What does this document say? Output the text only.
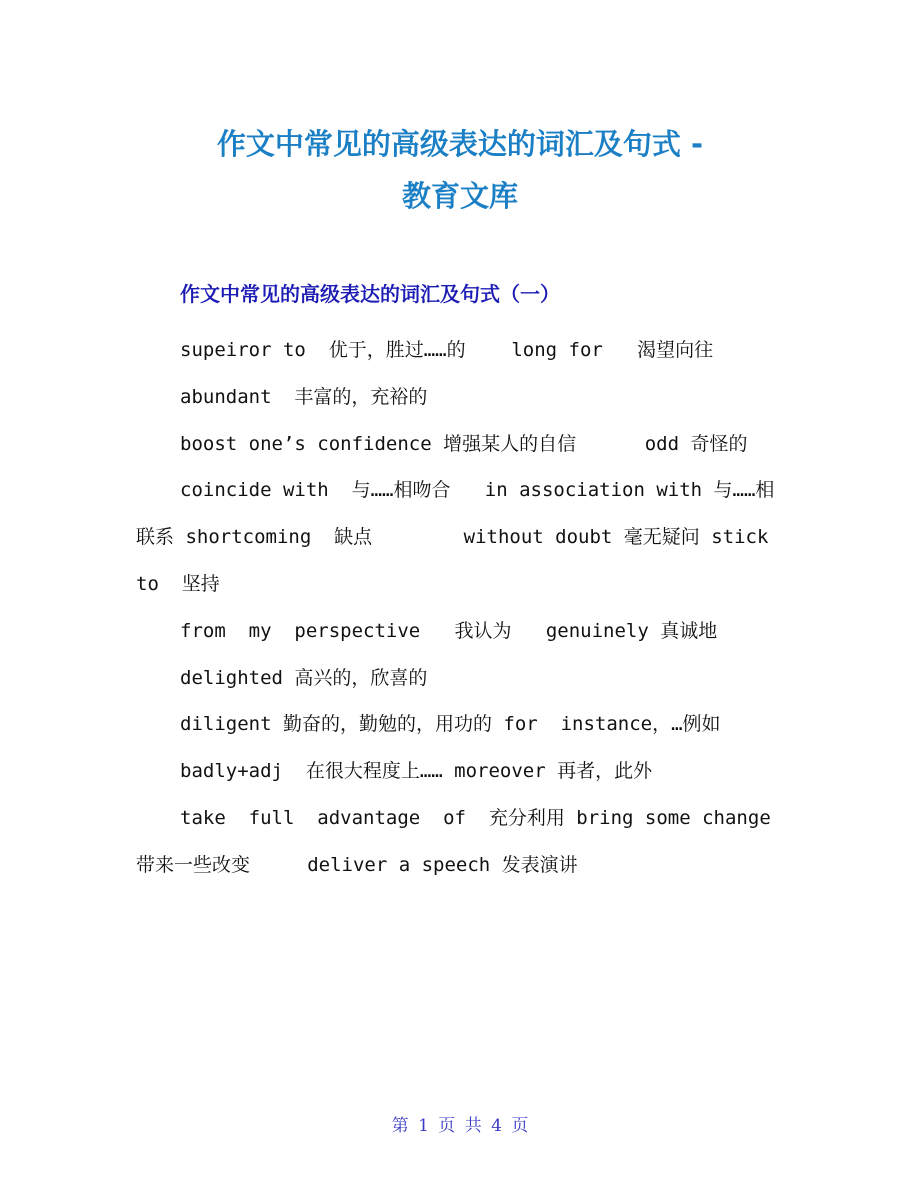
作文中常见的高级表达的词汇及句式 -
教育文库
作文中常见的高级表达的词汇及句式（一）

supeiror to  优于，胜过……的    long for   渴望向往

abundant  丰富的，充裕的

boost one’s confidence 增强某人的自信      odd 奇怪的

coincide with  与……相吻合   in association with 与……相联系 shortcoming  缺点        without doubt 毫无疑问 stick  to  坚持

from  my  perspective   我认为   genuinely 真诚地

delighted 高兴的，欣喜的

diligent 勤奋的，勤勉的，用功的 for  instance，…例如

badly+adj  在很大程度上…… moreover 再者，此外

take  full  advantage  of  充分利用 bring some change 带来一些改变     deliver a speech 发表演讲

第 1 页 共 4 页
